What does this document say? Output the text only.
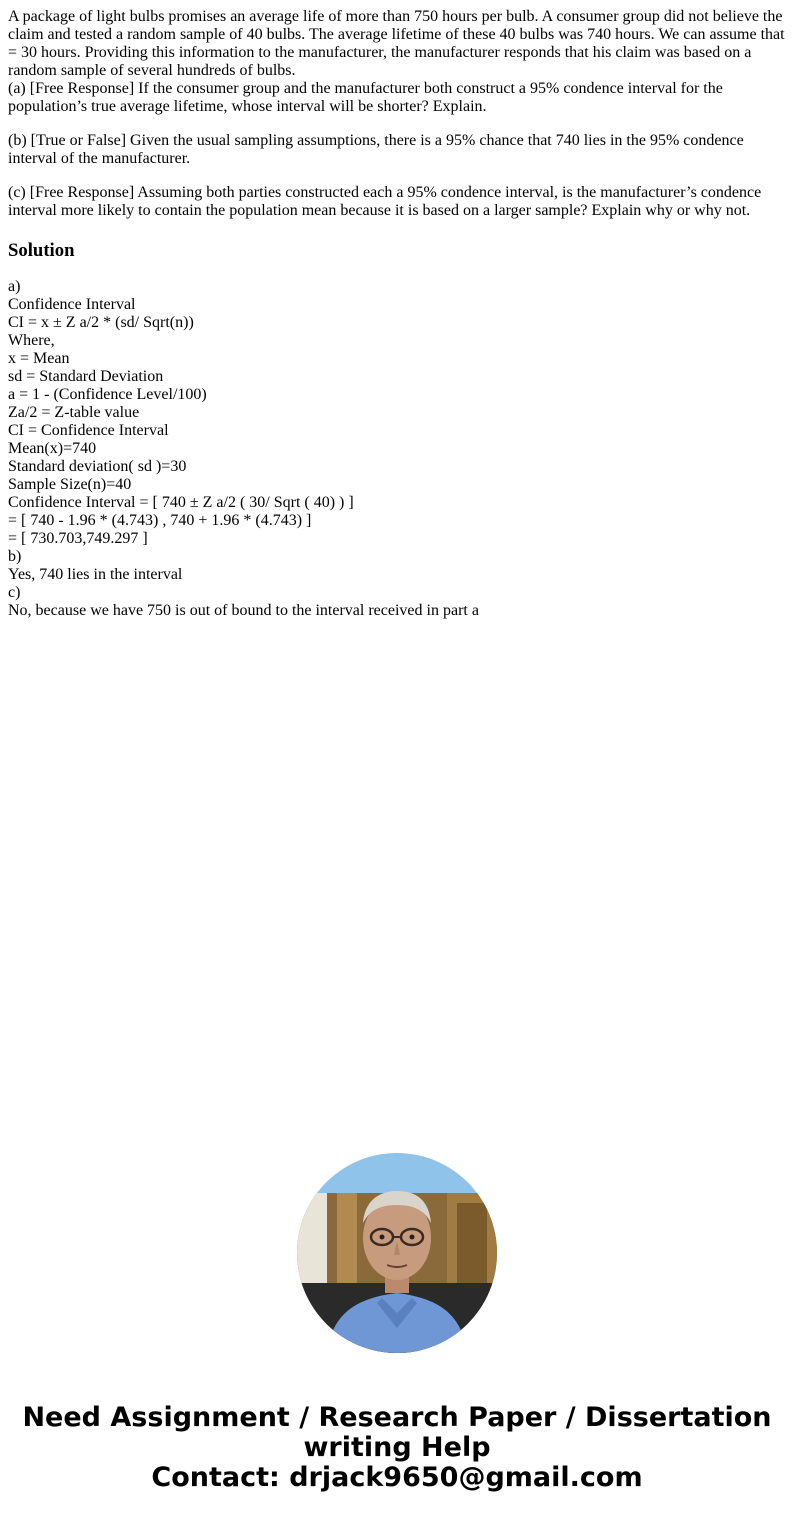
A package of light bulbs promises an average life of more than 750 hours per bulb. A consumer group did not believe the claim and tested a random sample of 40 bulbs. The average lifetime of these 40 bulbs was 740 hours. We can assume that = 30 hours. Providing this information to the manufacturer, the manufacturer responds that his claim was based on a random sample of several hundreds of bulbs.

(a) [Free Response] If the consumer group and the manufacturer both construct a 95% condence interval for the population’s true average lifetime, whose interval will be shorter? Explain.

(b) [True or False] Given the usual sampling assumptions, there is a 95% chance that 740 lies in the 95% condence interval of the manufacturer.

(c) [Free Response] Assuming both parties constructed each a 95% condence interval, is the manufacturer’s condence interval more likely to contain the population mean because it is based on a larger sample? Explain why or why not.

Solution
a)
Confidence Interval
CI = x ± Z a/2 * (sd/ Sqrt(n))
Where,
x = Mean
sd = Standard Deviation
a = 1 - (Confidence Level/100)
Za/2 = Z-table value
CI = Confidence Interval
Mean(x)=740
Standard deviation( sd )=30
Sample Size(n)=40
Confidence Interval = [ 740 ± Z a/2 ( 30/ Sqrt ( 40) ) ]
= [ 740 - 1.96 * (4.743) , 740 + 1.96 * (4.743) ]
= [ 730.703,749.297 ]
b)
Yes, 740 lies in the interval
c)
No, because we have 750 is out of bound to the interval received in part a
Need Assignment / Research Paper / Dissertation
writing Help
Contact: drjack9650@gmail.com
